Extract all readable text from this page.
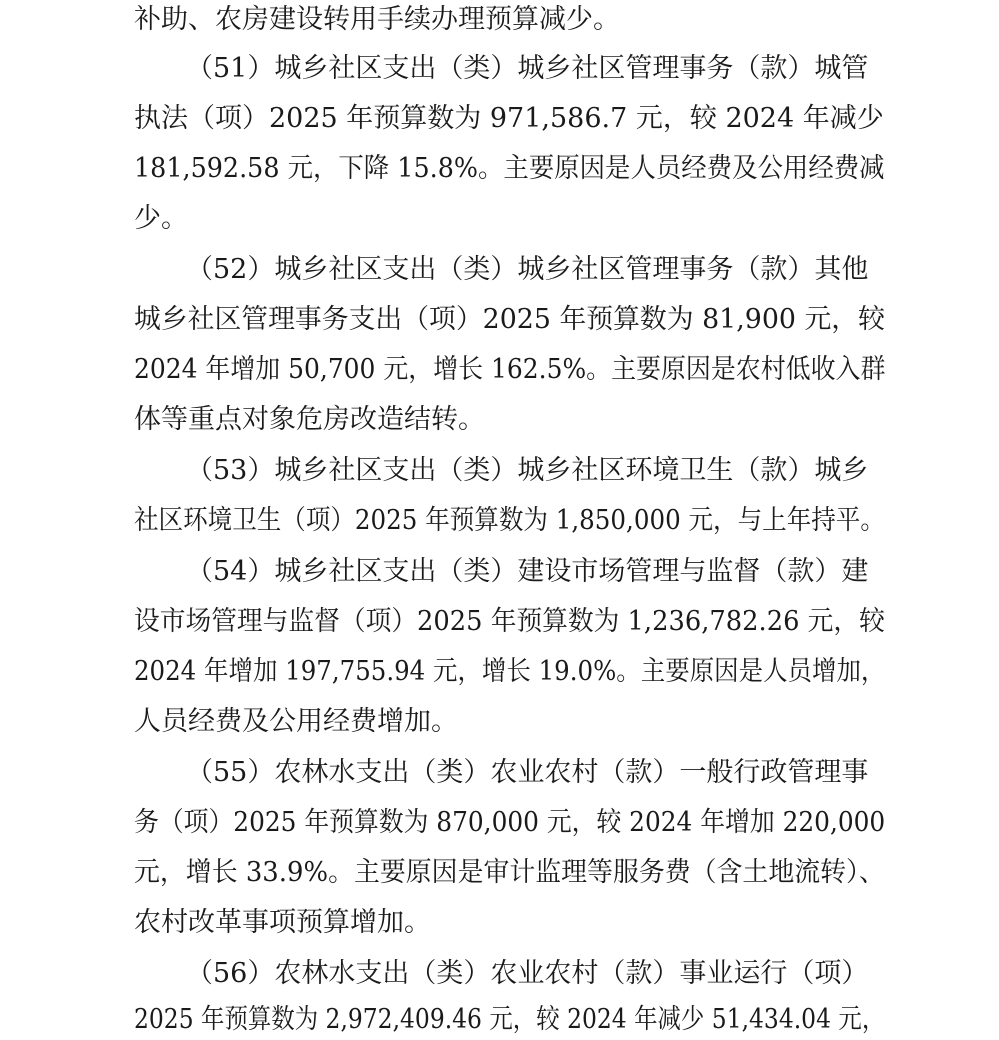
补助、农房建设转用手续办理预算减少。
（51）城乡社区支出（类）城乡社区管理事务（款）城管
执法（项）2025 年预算数为 971,586.7 元，较 2024 年减少
181,592.58 元，下降 15.8%。主要原因是人员经费及公用经费减
少。
（52）城乡社区支出（类）城乡社区管理事务（款）其他
城乡社区管理事务支出（项）2025 年预算数为 81,900 元，较
2024 年增加 50,700 元，增长 162.5%。主要原因是农村低收入群
体等重点对象危房改造结转。
（53）城乡社区支出（类）城乡社区环境卫生（款）城乡
社区环境卫生（项）2025 年预算数为 1,850,000 元，与上年持平。
（54）城乡社区支出（类）建设市场管理与监督（款）建
设市场管理与监督（项）2025 年预算数为 1,236,782.26 元，较
2024 年增加 197,755.94 元，增长 19.0%。主要原因是人员增加，
人员经费及公用经费增加。
（55）农林水支出（类）农业农村（款）一般行政管理事
务（项）2025 年预算数为 870,000 元，较 2024 年增加 220,000
元，增长 33.9%。主要原因是审计监理等服务费（含土地流转）、
农村改革事项预算增加。
（56）农林水支出（类）农业农村（款）事业运行（项）
2025 年预算数为 2,972,409.46 元，较 2024 年减少 51,434.04 元，
